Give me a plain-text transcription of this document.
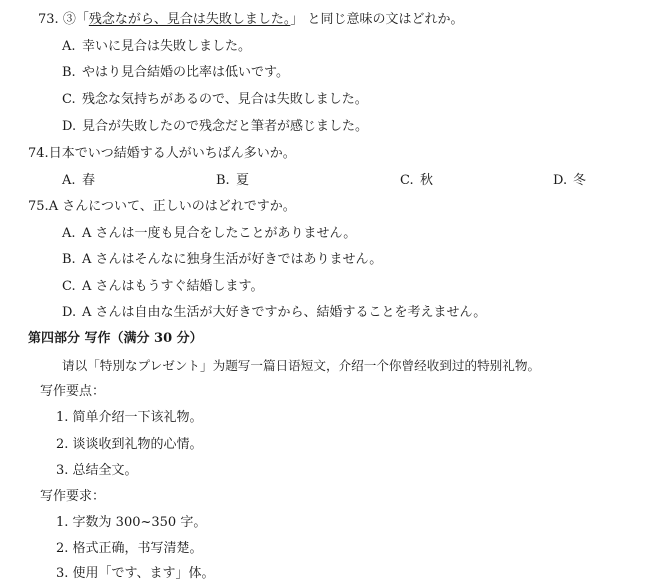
73. ③「残念ながら、見合は失敗しました。」 と同じ意味の文はどれか。
A. 幸いに見合は失敗しました。
B. やはり見合結婚の比率は低いです。
C. 残念な気持ちがあるので、見合は失敗しました。
D. 見合が失敗したので残念だと筆者が感じました。
74.日本でいつ結婚する人がいちばん多いか。
A. 春	B. 夏	C. 秋	D. 冬
75.A さんについて、正しいのはどれですか。
A. A さんは一度も見合をしたことがありません。
B. A さんはそんなに独身生活が好きではありません。
C. A さんはもうすぐ結婚します。
D. A さんは自由な生活が大好きですから、結婚することを考えません。
第四部分 写作（满分 30 分）
请以「特別なプレゼント」为题写一篇日语短文，介绍一个你曾经收到过的特别礼物。
写作要点：
1. 简单介绍一下该礼物。
2. 谈谈收到礼物的心情。
3. 总结全文。
写作要求：
1. 字数为 300~350 字。
2. 格式正确，书写清楚。
3. 使用「です、ます」体。
